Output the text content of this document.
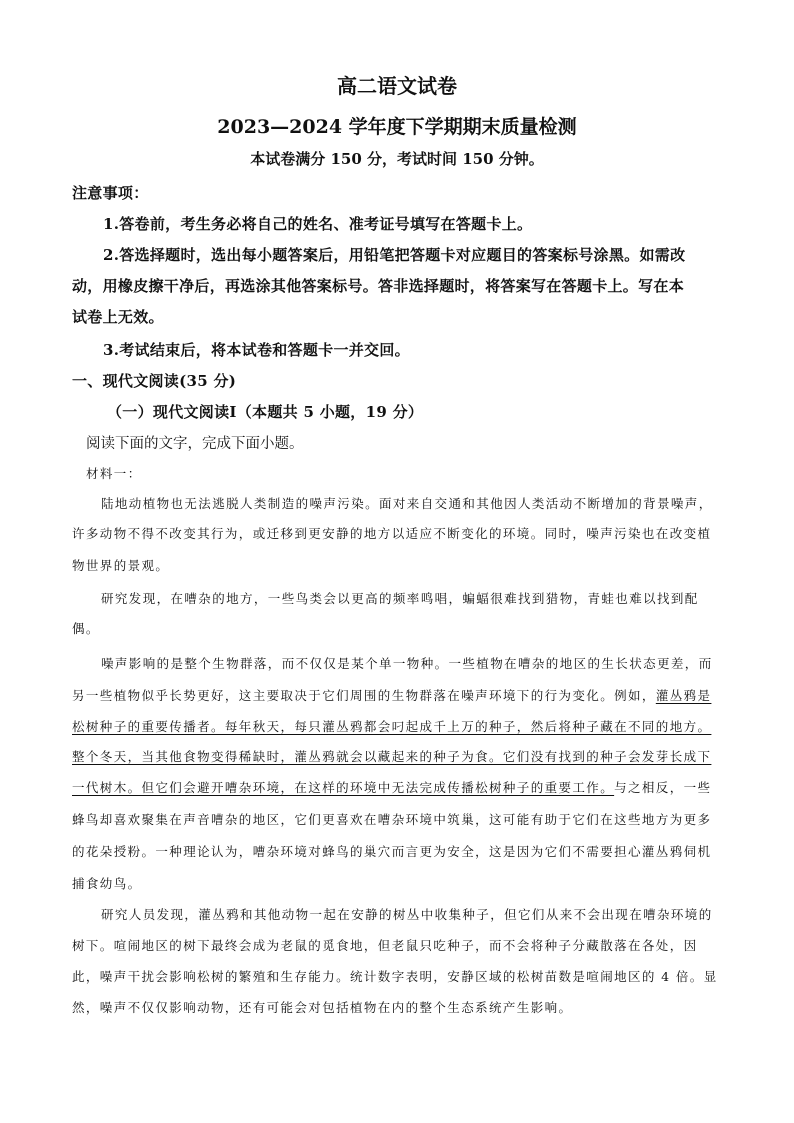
高二语文试卷
2023—2024 学年度下学期期末质量检测
本试卷满分 150 分，考试时间 150 分钟。
注意事项：
1.答卷前，考生务必将自己的姓名、准考证号填写在答题卡上。
2.答选择题时，选出每小题答案后，用铅笔把答题卡对应题目的答案标号涂黑。如需改
动，用橡皮擦干净后，再选涂其他答案标号。答非选择题时，将答案写在答题卡上。写在本
试卷上无效。
3.考试结束后，将本试卷和答题卡一并交回。
一、现代文阅读(35 分)
（一）现代文阅读Ⅰ（本题共 5 小题，19 分）
阅读下面的文字，完成下面小题。
材料一：
陆地动植物也无法逃脱人类制造的噪声污染。面对来自交通和其他因人类活动不断增加的背景噪声，
许多动物不得不改变其行为，或迁移到更安静的地方以适应不断变化的环境。同时，噪声污染也在改变植
物世界的景观。
研究发现，在嘈杂的地方，一些鸟类会以更高的频率鸣唱，蝙蝠很难找到猎物，青蛙也难以找到配
偶。
噪声影响的是整个生物群落，而不仅仅是某个单一物种。一些植物在嘈杂的地区的生长状态更差，而
另一些植物似乎长势更好，这主要取决于它们周围的生物群落在噪声环境下的行为变化。例如，灌丛鸦是
松树种子的重要传播者。每年秋天，每只灌丛鸦都会叼起成千上万的种子，然后将种子藏在不同的地方。
整个冬天，当其他食物变得稀缺时，灌丛鸦就会以藏起来的种子为食。它们没有找到的种子会发芽长成下
一代树木。但它们会避开嘈杂环境，在这样的环境中无法完成传播松树种子的重要工作。与之相反，一些
蜂鸟却喜欢聚集在声音嘈杂的地区，它们更喜欢在嘈杂环境中筑巢，这可能有助于它们在这些地方为更多
的花朵授粉。一种理论认为，嘈杂环境对蜂鸟的巢穴而言更为安全，这是因为它们不需要担心灌丛鸦伺机
捕食幼鸟。
研究人员发现，灌丛鸦和其他动物一起在安静的树丛中收集种子，但它们从来不会出现在嘈杂环境的
树下。喧闹地区的树下最终会成为老鼠的觅食地，但老鼠只吃种子，而不会将种子分藏散落在各处，因
此，噪声干扰会影响松树的繁殖和生存能力。统计数字表明，安静区域的松树苗数是喧闹地区的 4 倍。显
然，噪声不仅仅影响动物，还有可能会对包括植物在内的整个生态系统产生影响。
